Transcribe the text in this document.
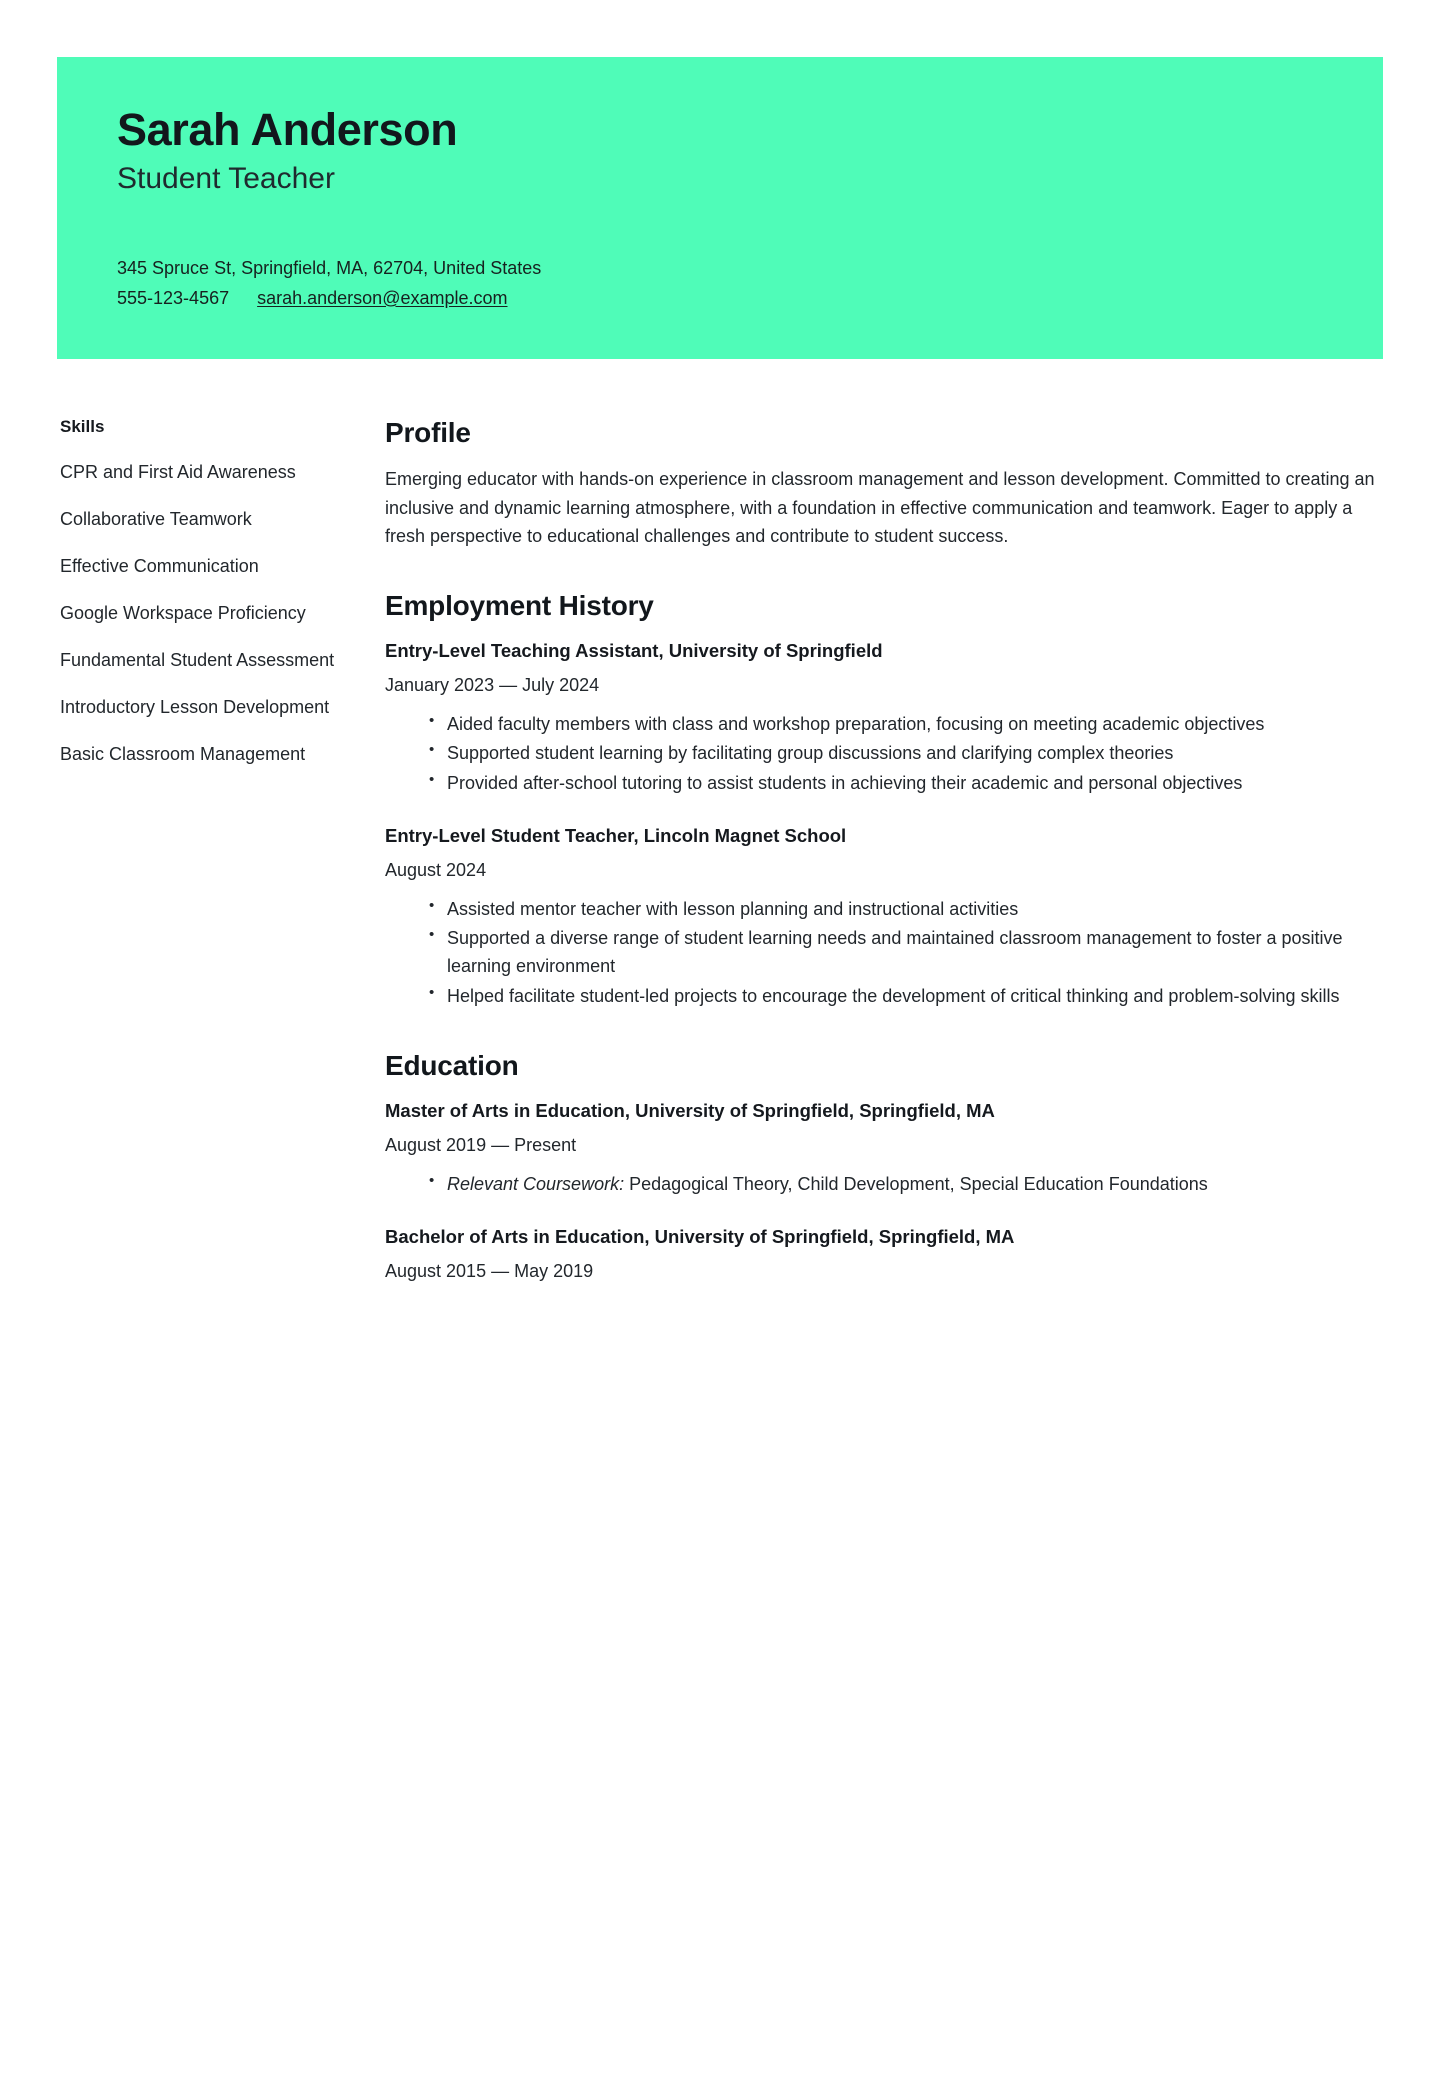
Sarah Anderson
Student Teacher
345 Spruce St, Springfield, MA, 62704, United States
555-123-4567 sarah.anderson@example.com
Skills
CPR and First Aid Awareness
Collaborative Teamwork
Effective Communication
Google Workspace Proficiency
Fundamental Student Assessment
Introductory Lesson Development
Basic Classroom Management
Profile

Emerging educator with hands-on experience in classroom management and lesson development. Committed to creating an inclusive and dynamic learning atmosphere, with a foundation in effective communication and teamwork. Eager to apply a fresh perspective to educational challenges and contribute to student success.

Employment History
Entry-Level Teaching Assistant, University of Springfield
January 2023 — July 2024
• Aided faculty members with class and workshop preparation, focusing on meeting academic objectives
• Supported student learning by facilitating group discussions and clarifying complex theories
• Provided after-school tutoring to assist students in achieving their academic and personal objectives
Entry-Level Student Teacher, Lincoln Magnet School
August 2024
• Assisted mentor teacher with lesson planning and instructional activities
• Supported a diverse range of student learning needs and maintained classroom management to foster a positive learning environment
• Helped facilitate student-led projects to encourage the development of critical thinking and problem-solving skills
Education
Master of Arts in Education, University of Springfield, Springfield, MA
August 2019 — Present
• Relevant Coursework: Pedagogical Theory, Child Development, Special Education Foundations
Bachelor of Arts in Education, University of Springfield, Springfield, MA
August 2015 — May 2019
